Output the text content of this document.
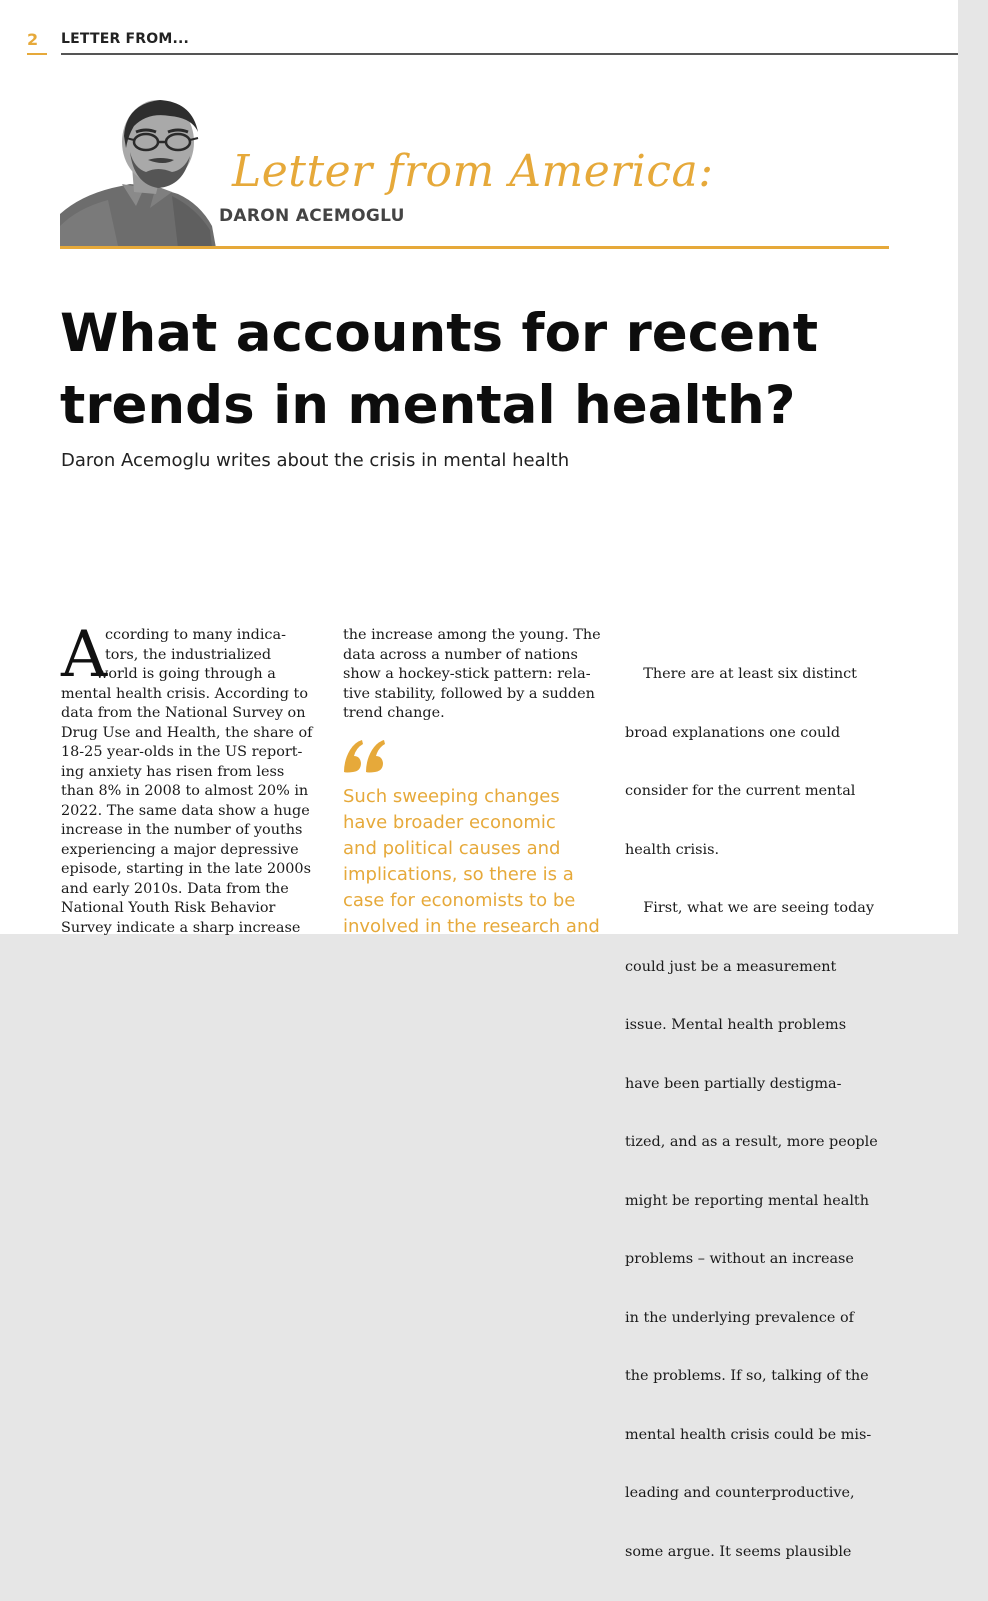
2 LETTER FROM...
Letter from America:
DARON ACEMOGLU
What accounts for recent
trends in mental health?
Daron Acemoglu writes about the crisis in mental health
A
ccording to many indica-
tors, the industrialized
world is going through a
mental health crisis. According to
data from the National Survey on
Drug Use and Health, the share of
18-25 year-olds in the US report-
ing anxiety has risen from less
than 8% in 2008 to almost 20% in
2022. The same data show a huge
increase in the number of youths
experiencing a major depressive
episode, starting in the late 2000s
and early 2010s. Data from the
National Youth Risk Behavior
Survey indicate a sharp increase
the increase among the young. The
data across a number of nations
show a hockey-stick pattern: rela-
tive stability, followed by a sudden
trend change.
Such sweeping changes
have broader economic
and political causes and
implications, so there is a
case for economists to be
involved in the research and

There are at least six distinct

broad explanations one could

consider for the current mental

health crisis.

First, what we are seeing today

could just be a measurement

issue. Mental health problems

have been partially destigma-

tized, and as a result, more people

might be reporting mental health

problems – without an increase

in the underlying prevalence of

the problems. If so, talking of the

mental health crisis could be mis-

leading and counterproductive,

some argue. It seems plausible
